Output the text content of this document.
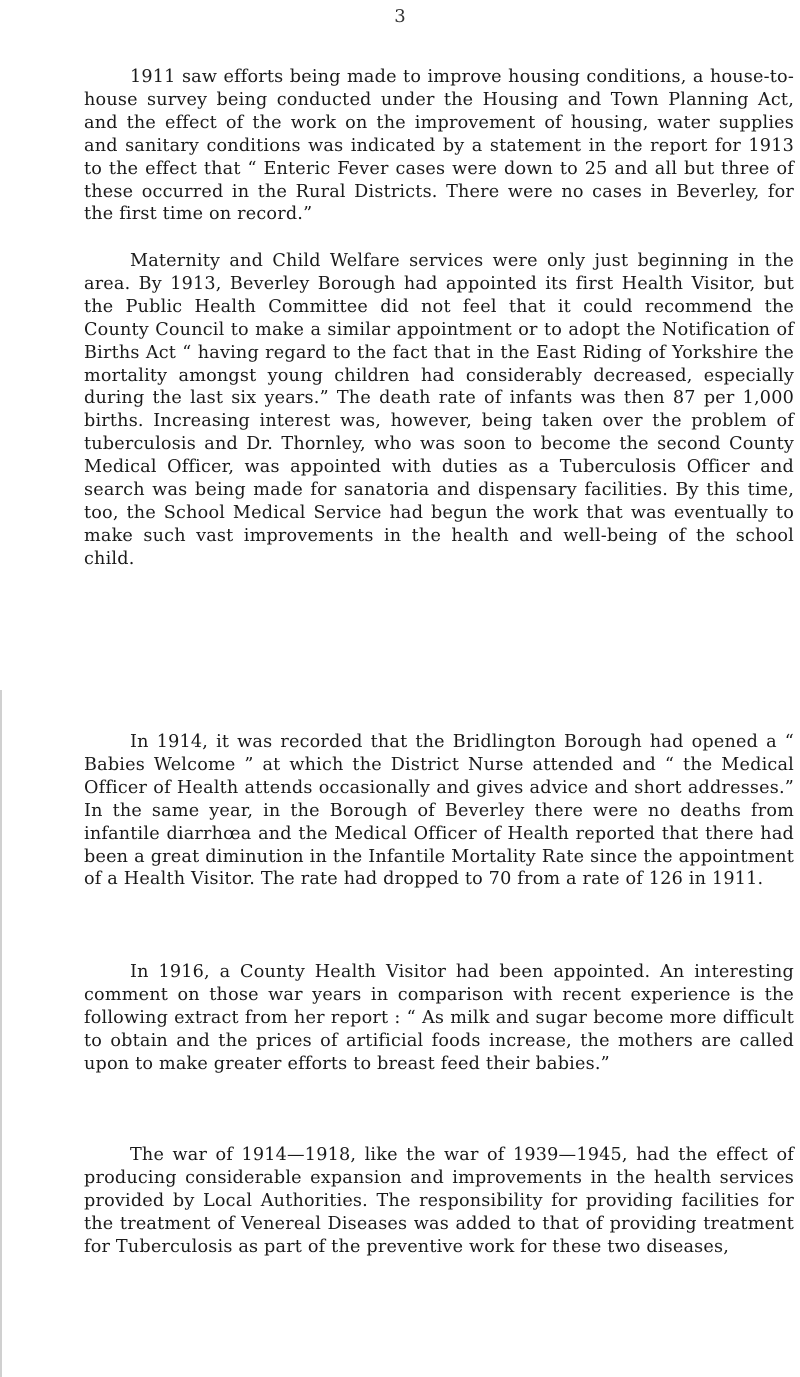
3

1911 saw efforts being made to improve housing conditions, a house-to-house survey being conducted under the Housing and Town Planning Act, and the effect of the work on the improvement of housing, water supplies and sanitary conditions was indicated by a statement in the report for 1913 to the effect that “ Enteric Fever cases were down to 25 and all but three of these occurred in the Rural Districts. There were no cases in Beverley, for the first time on record.”

Maternity and Child Welfare services were only just beginning in the area. By 1913, Beverley Borough had appointed its first Health Visitor, but the Public Health Committee did not feel that it could recommend the County Council to make a similar appointment or to adopt the Notification of Births Act “ having regard to the fact that in the East Riding of Yorkshire the mortality amongst young children had considerably decreased, especially during the last six years.” The death rate of infants was then 87 per 1,000 births. Increasing interest was, however, being taken over the problem of tuberculosis and Dr. Thornley, who was soon to become the second County Medical Officer, was appointed with duties as a Tuberculosis Officer and search was being made for sanatoria and dispensary facilities. By this time, too, the School Medical Service had begun the work that was eventually to make such vast improvements in the health and well-being of the school child.

In 1914, it was recorded that the Bridlington Borough had opened a “ Babies Welcome ” at which the District Nurse attended and “ the Medical Officer of Health attends occasionally and gives advice and short addresses.” In the same year, in the Borough of Beverley there were no deaths from infantile diarrhœa and the Medical Officer of Health reported that there had been a great diminution in the Infantile Mortality Rate since the appointment of a Health Visitor. The rate had dropped to 70 from a rate of 126 in 1911.

In 1916, a County Health Visitor had been appointed. An interesting comment on those war years in comparison with recent experience is the following extract from her report : “ As milk and sugar become more difficult to obtain and the prices of artificial foods increase, the mothers are called upon to make greater efforts to breast feed their babies.”

The war of 1914—1918, like the war of 1939—1945, had the effect of producing considerable expansion and improvements in the health services provided by Local Authorities. The responsibility for providing facilities for the treatment of Venereal Diseases was added to that of providing treatment for Tuberculosis as part of the preventive work for these two diseases,
